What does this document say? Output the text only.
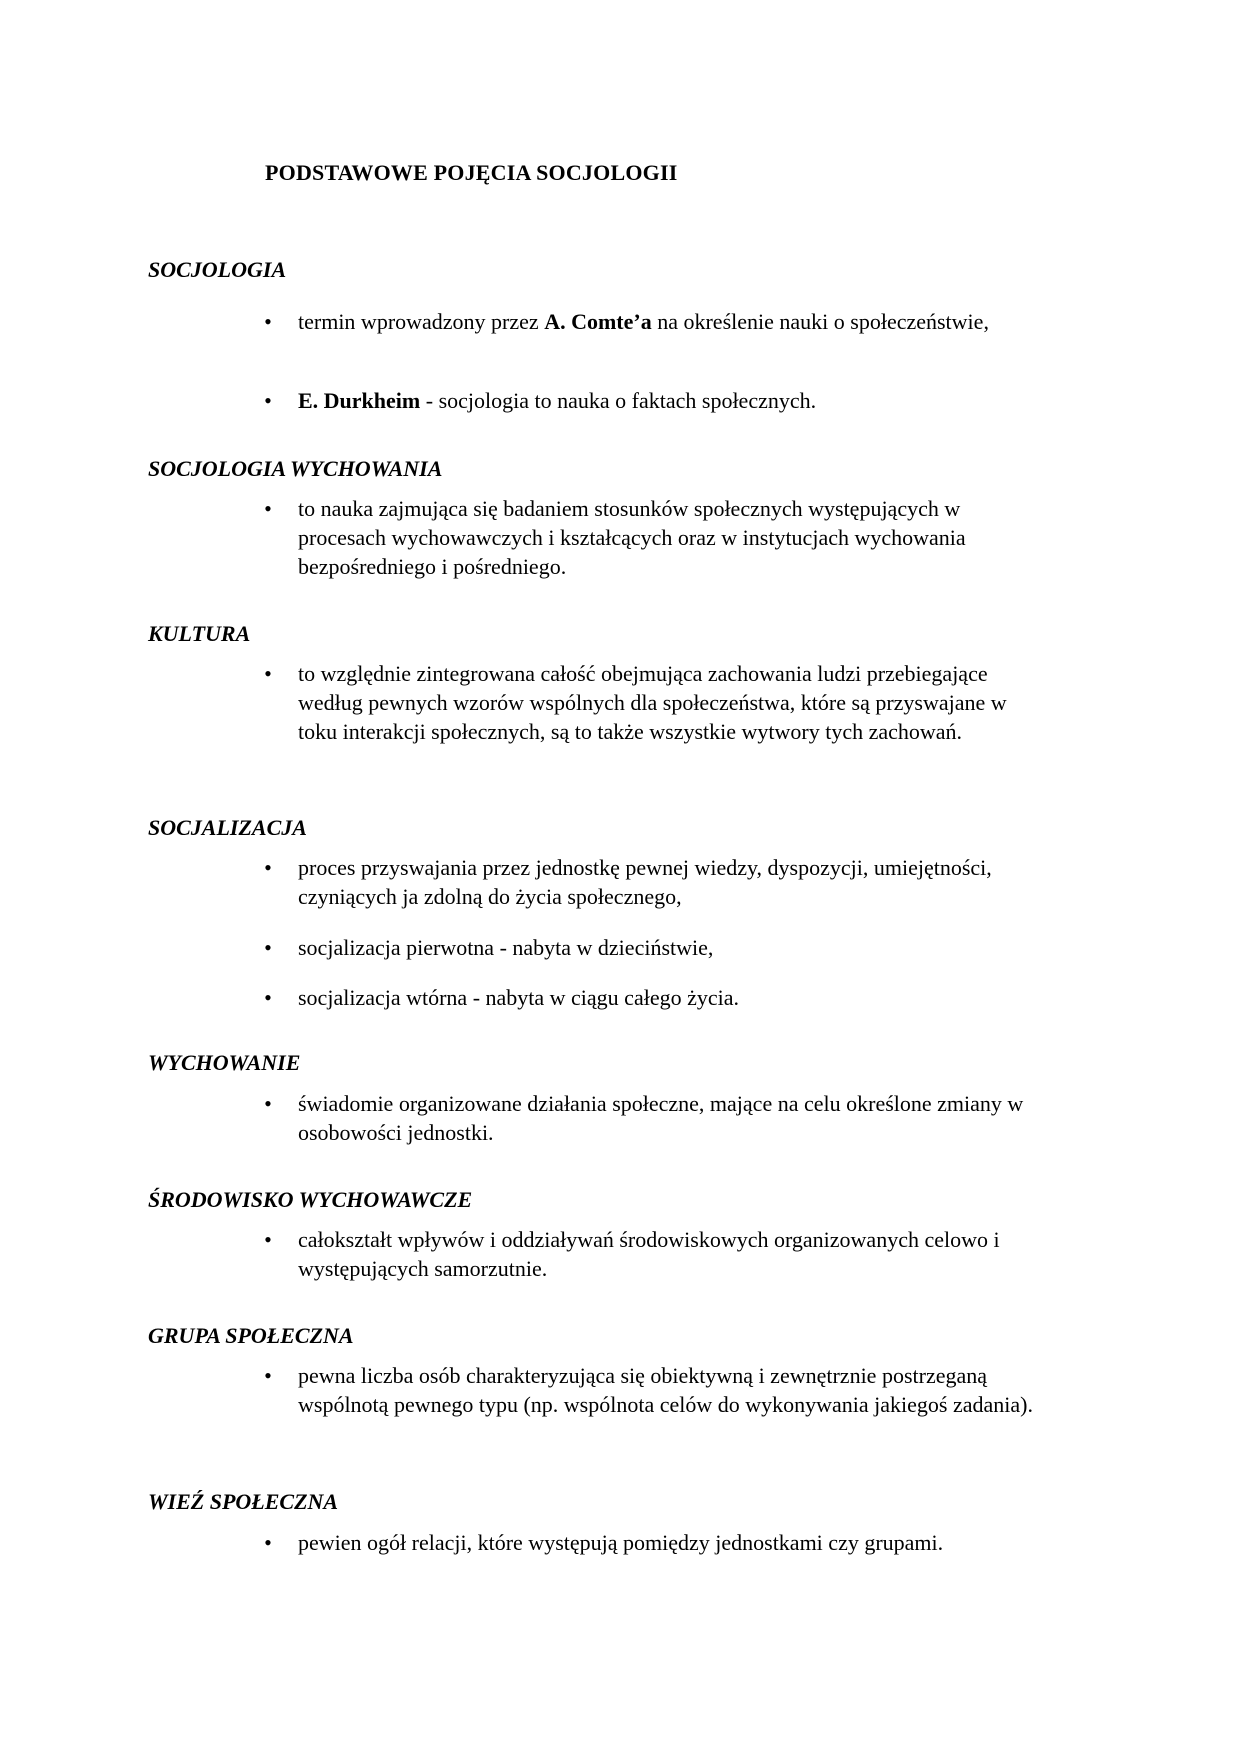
PODSTAWOWE POJĘCIA SOCJOLOGII
SOCJOLOGIA
• termin wprowadzony przez A. Comte’a na określenie nauki o społeczeństwie,
• E. Durkheim - socjologia to nauka o faktach społecznych.
SOCJOLOGIA WYCHOWANIA
• to nauka zajmująca się badaniem stosunków społecznych występujących w procesach wychowawczych i kształcących oraz w instytucjach wychowania bezpośredniego i pośredniego.
KULTURA
• to względnie zintegrowana całość obejmująca zachowania ludzi przebiegające według pewnych wzorów wspólnych dla społeczeństwa, które są przyswajane w toku interakcji społecznych, są to także wszystkie wytwory tych zachowań.
SOCJALIZACJA
• proces przyswajania przez jednostkę pewnej wiedzy, dyspozycji, umiejętności, czyniących ja zdolną do życia społecznego,
• socjalizacja pierwotna - nabyta w dzieciństwie,
• socjalizacja wtórna - nabyta w ciągu całego życia.
WYCHOWANIE
• świadomie organizowane działania społeczne, mające na celu określone zmiany w osobowości jednostki.
ŚRODOWISKO WYCHOWAWCZE
• całokształt wpływów i oddziaływań środowiskowych organizowanych celowo i występujących samorzutnie.
GRUPA SPOŁECZNA
• pewna liczba osób charakteryzująca się obiektywną i zewnętrznie postrzeganą wspólnotą pewnego typu (np. wspólnota celów do wykonywania jakiegoś zadania).
WIEŹ SPOŁECZNA
• pewien ogół relacji, które występują pomiędzy jednostkami czy grupami.
